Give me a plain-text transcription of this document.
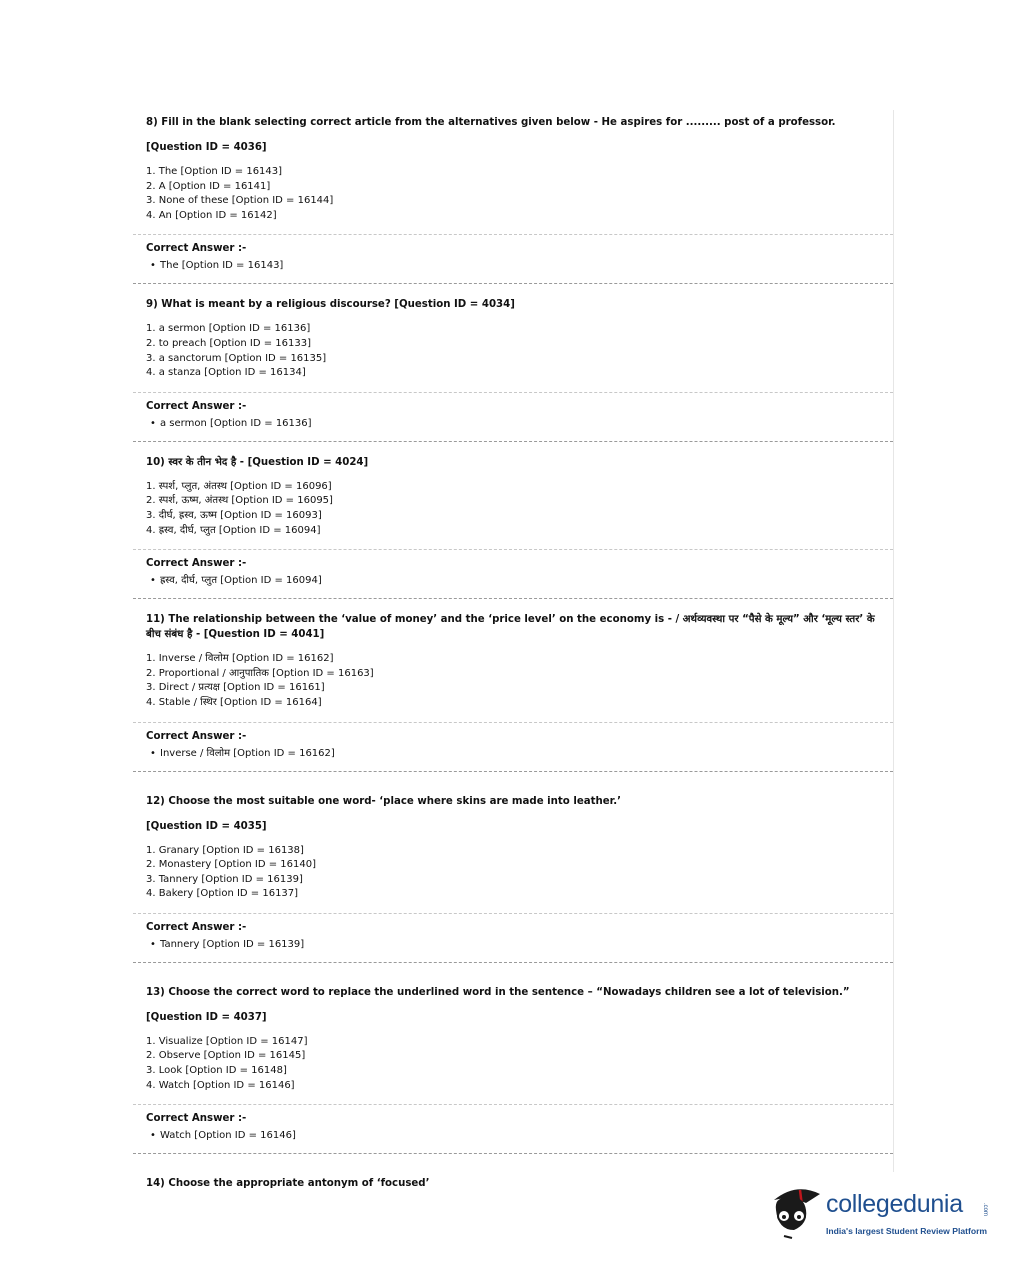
8) Fill in the blank selecting correct article from the alternatives given below - He aspires for ......... post of a professor.

[Question ID = 4036]

1. The [Option ID = 16143]
2. A [Option ID = 16141]
3. None of these [Option ID = 16144]
4. An [Option ID = 16142]

Correct Answer :-

• The [Option ID = 16143]

9) What is meant by a religious discourse? [Question ID = 4034]

1. a sermon [Option ID = 16136]
2. to preach [Option ID = 16133]
3. a sanctorum [Option ID = 16135]
4. a stanza [Option ID = 16134]

Correct Answer :-

• a sermon [Option ID = 16136]

10) स्वर के तीन भेद है - [Question ID = 4024]

1. स्पर्श, प्लुत, अंतस्थ [Option ID = 16096]
2. स्पर्श, ऊष्म, अंतस्थ [Option ID = 16095]
3. दीर्घ, ह्रस्व, ऊष्म [Option ID = 16093]
4. ह्रस्व, दीर्घ, प्लुत [Option ID = 16094]

Correct Answer :-

• ह्रस्व, दीर्घ, प्लुत [Option ID = 16094]

11) The relationship between the ‘value of money’ and the ‘price level’ on the economy is - / अर्थव्यवस्था पर “पैसे के मूल्य” और ‘मूल्य स्तर’ के बीच संबंध है - [Question ID = 4041]

1. Inverse / विलोम [Option ID = 16162]
2. Proportional / आनुपातिक [Option ID = 16163]
3. Direct / प्रत्यक्ष [Option ID = 16161]
4. Stable / स्थिर [Option ID = 16164]

Correct Answer :-

• Inverse / विलोम [Option ID = 16162]

12) Choose the most suitable one word- ‘place where skins are made into leather.’

[Question ID = 4035]

1. Granary [Option ID = 16138]
2. Monastery [Option ID = 16140]
3. Tannery [Option ID = 16139]
4. Bakery [Option ID = 16137]

Correct Answer :-

• Tannery [Option ID = 16139]

13) Choose the correct word to replace the underlined word in the sentence – “Nowadays children see a lot of television.”

[Question ID = 4037]

1. Visualize [Option ID = 16147]
2. Observe [Option ID = 16145]
3. Look [Option ID = 16148]
4. Watch [Option ID = 16146]

Correct Answer :-

• Watch [Option ID = 16146]

14) Choose the appropriate antonym of ‘focused’

collegedunia	.com
India's largest Student Review Platform
